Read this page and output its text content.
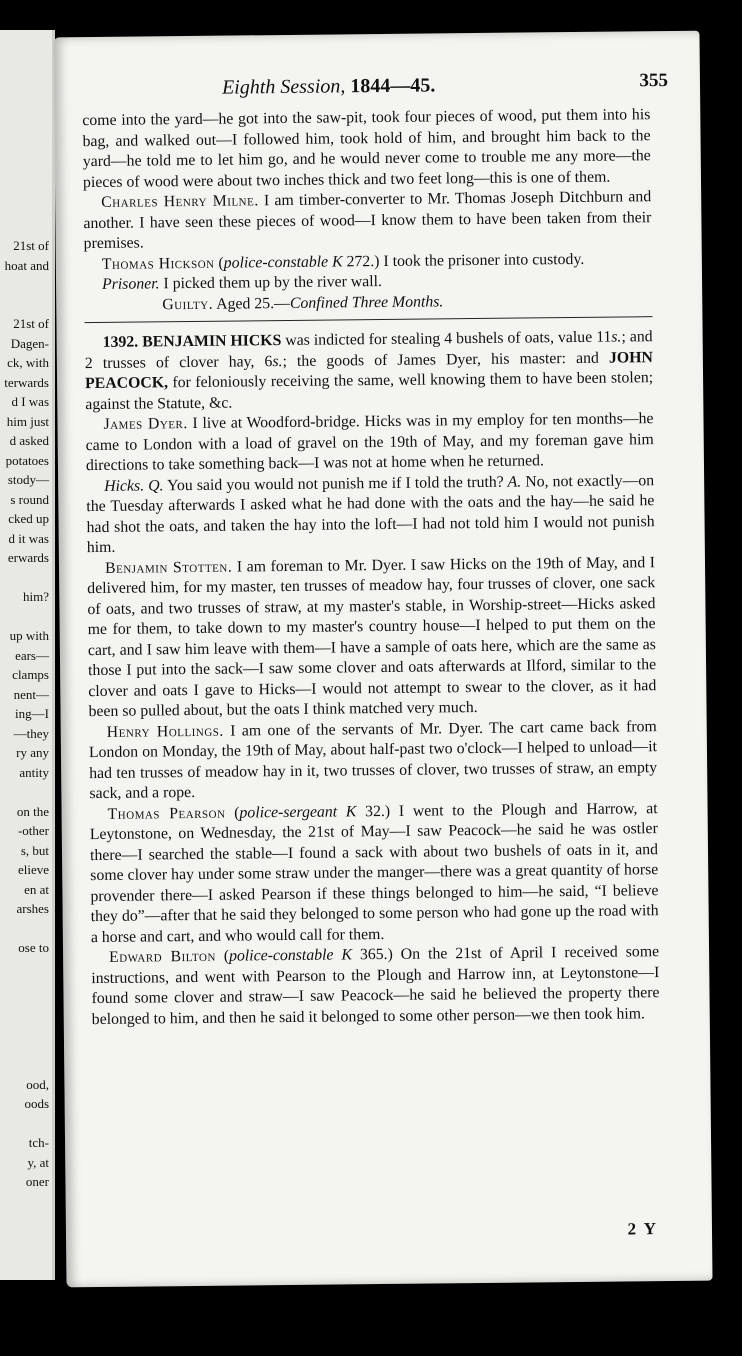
21st of
hoat and
21st of
Dagen-
ck, with
terwards
d I was
him just
d asked
potatoes
stody—
s round
cked up
d it was
erwards
him?
up with
ears—
clamps
nent—
ing—I
—they
ry any
antity
on the
-other
s, but
elieve
en at
arshes
ose to
ood,
oods
tch-
y, at
oner
Eighth Session, 1844—45.	355

come into the yard—he got into the saw-pit, took four pieces of wood, put them into his bag, and walked out—I followed him, took hold of him, and brought him back to the yard—he told me to let him go, and he would never come to trouble me any more—the pieces of wood were about two inches thick and two feet long—this is one of them.

Charles Henry Milne. I am timber-converter to Mr. Thomas Joseph Ditchburn and another. I have seen these pieces of wood—I know them to have been taken from their premises.

Thomas Hickson (police-constable K 272.) I took the prisoner into custody.

Prisoner. I picked them up by the river wall.

Guilty. Aged 25.—Confined Three Months.

1392. BENJAMIN HICKS was indicted for stealing 4 bushels of oats, value 11s.; and 2 trusses of clover hay, 6s.; the goods of James Dyer, his master: and JOHN PEACOCK, for feloniously receiving the same, well knowing them to have been stolen; against the Statute, &c.

James Dyer. I live at Woodford-bridge. Hicks was in my employ for ten months—he came to London with a load of gravel on the 19th of May, and my foreman gave him directions to take something back—I was not at home when he returned.

Hicks. Q. You said you would not punish me if I told the truth? A. No, not exactly—on the Tuesday afterwards I asked what he had done with the oats and the hay—he said he had shot the oats, and taken the hay into the loft—I had not told him I would not punish him.

Benjamin Stotten. I am foreman to Mr. Dyer. I saw Hicks on the 19th of May, and I delivered him, for my master, ten trusses of meadow hay, four trusses of clover, one sack of oats, and two trusses of straw, at my master's stable, in Worship-street—Hicks asked me for them, to take down to my master's country house—I helped to put them on the cart, and I saw him leave with them—I have a sample of oats here, which are the same as those I put into the sack—I saw some clover and oats afterwards at Ilford, similar to the clover and oats I gave to Hicks—I would not attempt to swear to the clover, as it had been so pulled about, but the oats I think matched very much.

Henry Hollings. I am one of the servants of Mr. Dyer. The cart came back from London on Monday, the 19th of May, about half-past two o'clock—I helped to unload—it had ten trusses of meadow hay in it, two trusses of clover, two trusses of straw, an empty sack, and a rope.

Thomas Pearson (police-sergeant K 32.) I went to the Plough and Harrow, at Leytonstone, on Wednesday, the 21st of May—I saw Peacock—he said he was ostler there—I searched the stable—I found a sack with about two bushels of oats in it, and some clover hay under some straw under the manger—there was a great quantity of horse provender there—I asked Pearson if these things belonged to him—he said, “I believe they do”—after that he said they belonged to some person who had gone up the road with a horse and cart, and who would call for them.

Edward Bilton (police-constable K 365.) On the 21st of April I received some instructions, and went with Pearson to the Plough and Harrow inn, at Leytonstone—I found some clover and straw—I saw Peacock—he said he believed the property there belonged to him, and then he said it belonged to some other person—we then took him.

2 Y
